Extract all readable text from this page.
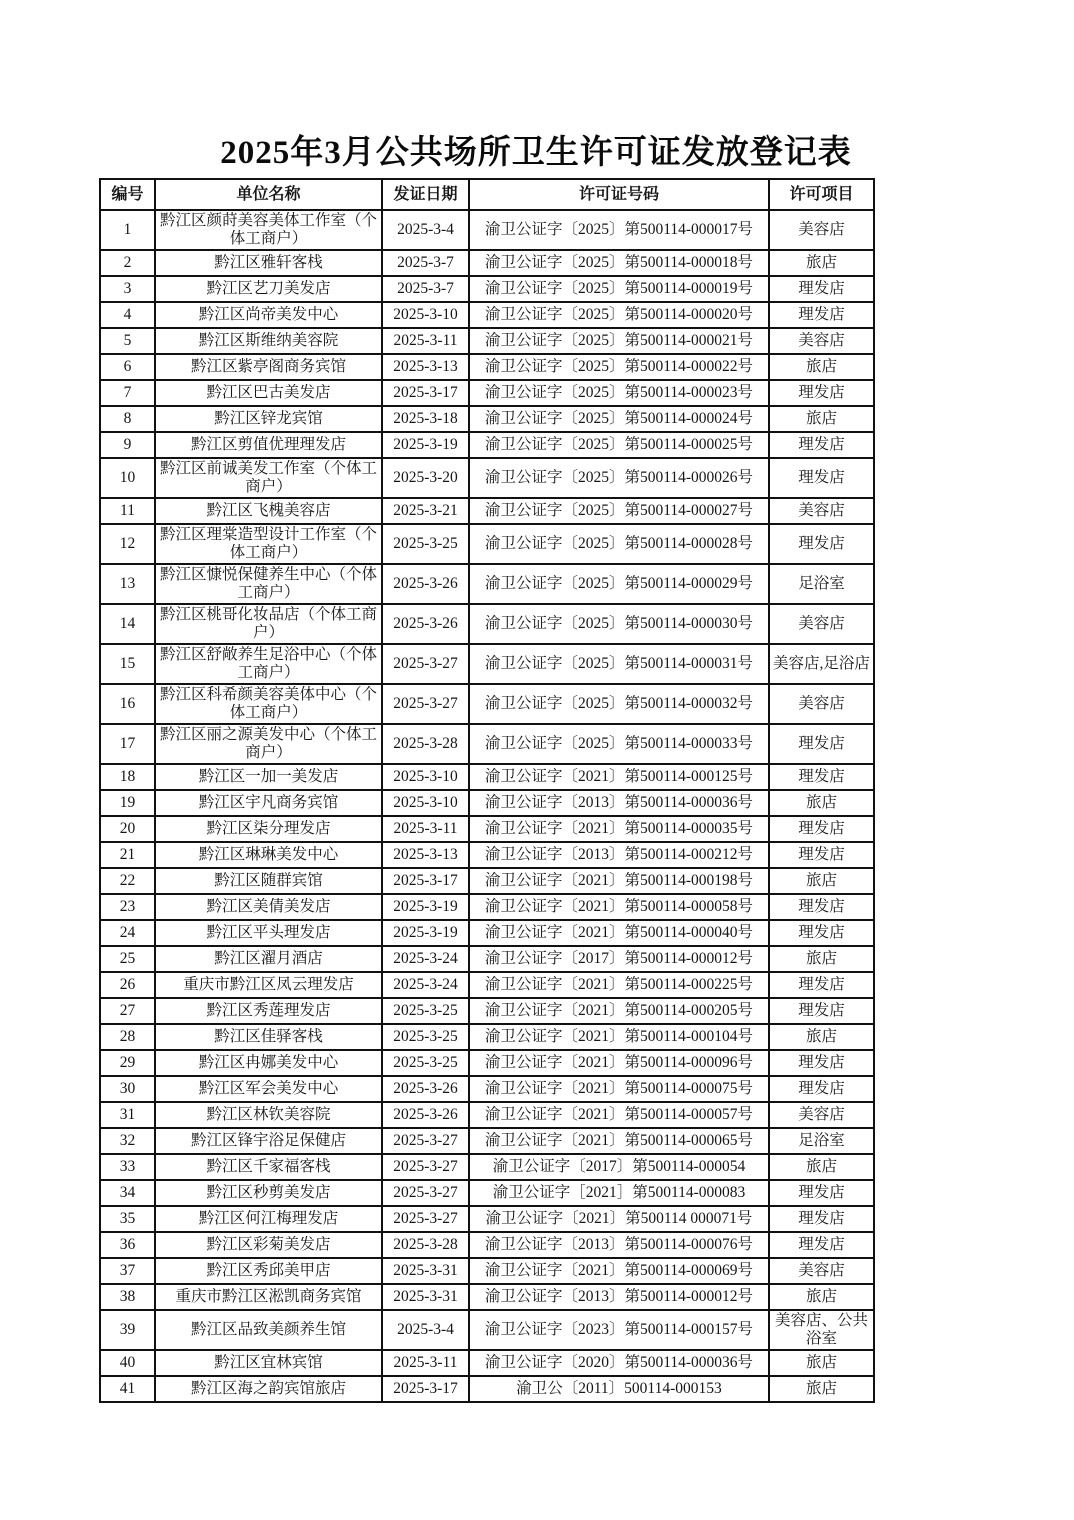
2025年3月公共场所卫生许可证发放登记表
编号	单位名称	发证日期	许可证号码	许可项目
1	黔江区颜莳美容美体工作室（个体工商户）	2025-3-4	渝卫公证字〔2025〕第500114-000017号	美容店
2	黔江区雅轩客栈	2025-3-7	渝卫公证字〔2025〕第500114-000018号	旅店
3	黔江区艺刀美发店	2025-3-7	渝卫公证字〔2025〕第500114-000019号	理发店
4	黔江区尚帝美发中心	2025-3-10	渝卫公证字〔2025〕第500114-000020号	理发店
5	黔江区斯维纳美容院	2025-3-11	渝卫公证字〔2025〕第500114-000021号	美容店
6	黔江区紫亭阁商务宾馆	2025-3-13	渝卫公证字〔2025〕第500114-000022号	旅店
7	黔江区巴古美发店	2025-3-17	渝卫公证字〔2025〕第500114-000023号	理发店
8	黔江区锌龙宾馆	2025-3-18	渝卫公证字〔2025〕第500114-000024号	旅店
9	黔江区剪值优理理发店	2025-3-19	渝卫公证字〔2025〕第500114-000025号	理发店
10	黔江区前诚美发工作室（个体工商户）	2025-3-20	渝卫公证字〔2025〕第500114-000026号	理发店
11	黔江区飞槐美容店	2025-3-21	渝卫公证字〔2025〕第500114-000027号	美容店
12	黔江区理棠造型设计工作室（个体工商户）	2025-3-25	渝卫公证字〔2025〕第500114-000028号	理发店
13	黔江区慷悦保健养生中心（个体工商户）	2025-3-26	渝卫公证字〔2025〕第500114-000029号	足浴室
14	黔江区桃哥化妆品店（个体工商户）	2025-3-26	渝卫公证字〔2025〕第500114-000030号	美容店
15	黔江区舒敞养生足浴中心（个体工商户）	2025-3-27	渝卫公证字〔2025〕第500114-000031号	美容店,足浴店
16	黔江区科希颜美容美体中心（个体工商户）	2025-3-27	渝卫公证字〔2025〕第500114-000032号	美容店
17	黔江区丽之源美发中心（个体工商户）	2025-3-28	渝卫公证字〔2025〕第500114-000033号	理发店
18	黔江区一加一美发店	2025-3-10	渝卫公证字〔2021〕第500114-000125号	理发店
19	黔江区宇凡商务宾馆	2025-3-10	渝卫公证字〔2013〕第500114-000036号	旅店
20	黔江区柒分理发店	2025-3-11	渝卫公证字〔2021〕第500114-000035号	理发店
21	黔江区琳琳美发中心	2025-3-13	渝卫公证字〔2013〕第500114-000212号	理发店
22	黔江区随群宾馆	2025-3-17	渝卫公证字〔2021〕第500114-000198号	旅店
23	黔江区美倩美发店	2025-3-19	渝卫公证字〔2021〕第500114-000058号	理发店
24	黔江区平头理发店	2025-3-19	渝卫公证字〔2021〕第500114-000040号	理发店
25	黔江区濯月酒店	2025-3-24	渝卫公证字〔2017〕第500114-000012号	旅店
26	重庆市黔江区凤云理发店	2025-3-24	渝卫公证字〔2021〕第500114-000225号	理发店
27	黔江区秀莲理发店	2025-3-25	渝卫公证字〔2021〕第500114-000205号	理发店
28	黔江区佳驿客栈	2025-3-25	渝卫公证字〔2021〕第500114-000104号	旅店
29	黔江区冉娜美发中心	2025-3-25	渝卫公证字〔2021〕第500114-000096号	理发店
30	黔江区军会美发中心	2025-3-26	渝卫公证字〔2021〕第500114-000075号	理发店
31	黔江区林钦美容院	2025-3-26	渝卫公证字〔2021〕第500114-000057号	美容店
32	黔江区锋宇浴足保健店	2025-3-27	渝卫公证字〔2021〕第500114-000065号	足浴室
33	黔江区千家福客栈	2025-3-27	渝卫公证字〔2017〕第500114-000054	旅店
34	黔江区秒剪美发店	2025-3-27	渝卫公证字［2021］第500114-000083	理发店
35	黔江区何江梅理发店	2025-3-27	渝卫公证字〔2021〕第500114 000071号	理发店
36	黔江区彩菊美发店	2025-3-28	渝卫公证字〔2013〕第500114-000076号	理发店
37	黔江区秀邱美甲店	2025-3-31	渝卫公证字〔2021〕第500114-000069号	美容店
38	重庆市黔江区淞凯商务宾馆	2025-3-31	渝卫公证字〔2013〕第500114-000012号	旅店
39	黔江区品致美颜养生馆	2025-3-4	渝卫公证字〔2023〕第500114-000157号	美容店、公共浴室
40	黔江区宜林宾馆	2025-3-11	渝卫公证字〔2020〕第500114-000036号	旅店
41	黔江区海之韵宾馆旅店	2025-3-17	渝卫公〔2011〕500114-000153	旅店
